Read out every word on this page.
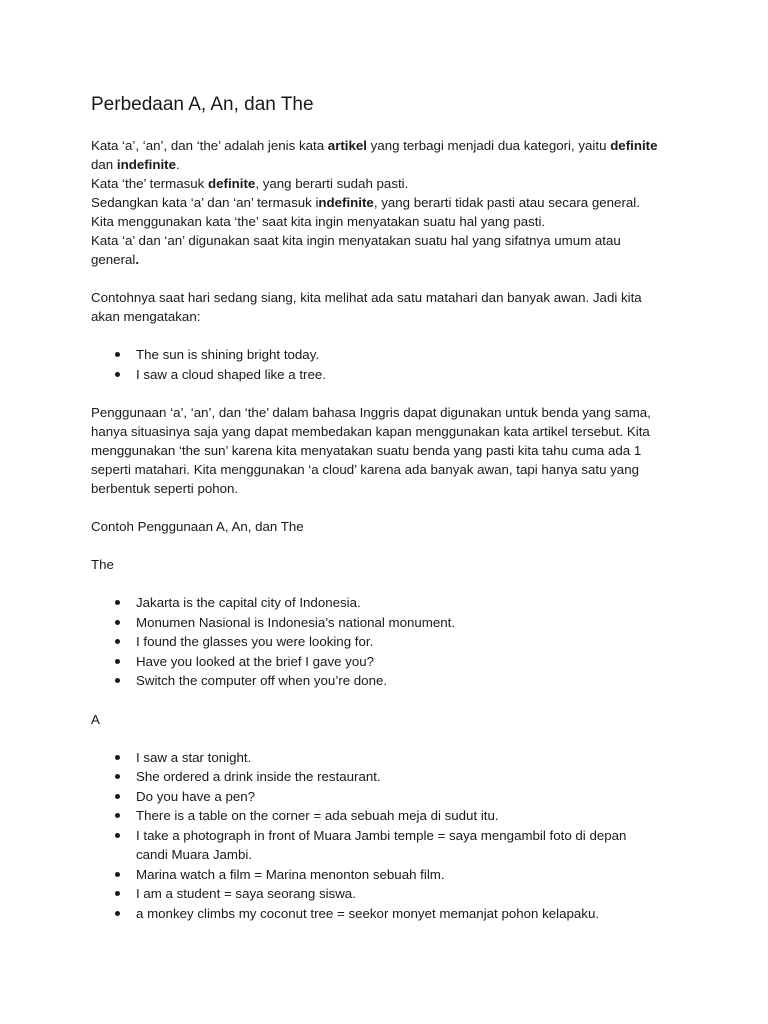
Perbedaan A, An, dan The

Kata ‘a’, ‘an’, dan ‘the’ adalah jenis kata artikel yang terbagi menjadi dua kategori, yaitu definite

dan indefinite.

Kata ‘the’ termasuk definite, yang berarti sudah pasti.

Sedangkan kata ‘a’ dan ‘an’ termasuk indefinite, yang berarti tidak pasti atau secara general.

Kita menggunakan kata ‘the’ saat kita ingin menyatakan suatu hal yang pasti.

Kata ‘a’ dan ‘an’ digunakan saat kita ingin menyatakan suatu hal yang sifatnya umum atau

general.

Contohnya saat hari sedang siang, kita melihat ada satu matahari dan banyak awan. Jadi kita

akan mengatakan:

The sun is shining bright today.
I saw a cloud shaped like a tree.

Penggunaan ‘a’, ‘an’, dan ‘the’ dalam bahasa Inggris dapat digunakan untuk benda yang sama,

hanya situasinya saja yang dapat membedakan kapan menggunakan kata artikel tersebut. Kita

menggunakan ‘the sun’ karena kita menyatakan suatu benda yang pasti kita tahu cuma ada 1

seperti matahari. Kita menggunakan ‘a cloud’ karena ada banyak awan, tapi hanya satu yang

berbentuk seperti pohon.

Contoh Penggunaan A, An, dan The

The

Jakarta is the capital city of Indonesia.
Monumen Nasional is Indonesia’s national monument.
I found the glasses you were looking for.
Have you looked at the brief I gave you?
Switch the computer off when you’re done.

A

I saw a star tonight.
She ordered a drink inside the restaurant.
Do you have a pen?
There is a table on the corner = ada sebuah meja di sudut itu.
I take a photograph in front of Muara Jambi temple = saya mengambil foto di depan
candi Muara Jambi.
Marina watch a film = Marina menonton sebuah film.
I am a student = saya seorang siswa.
a monkey climbs my coconut tree = seekor monyet memanjat pohon kelapaku.
